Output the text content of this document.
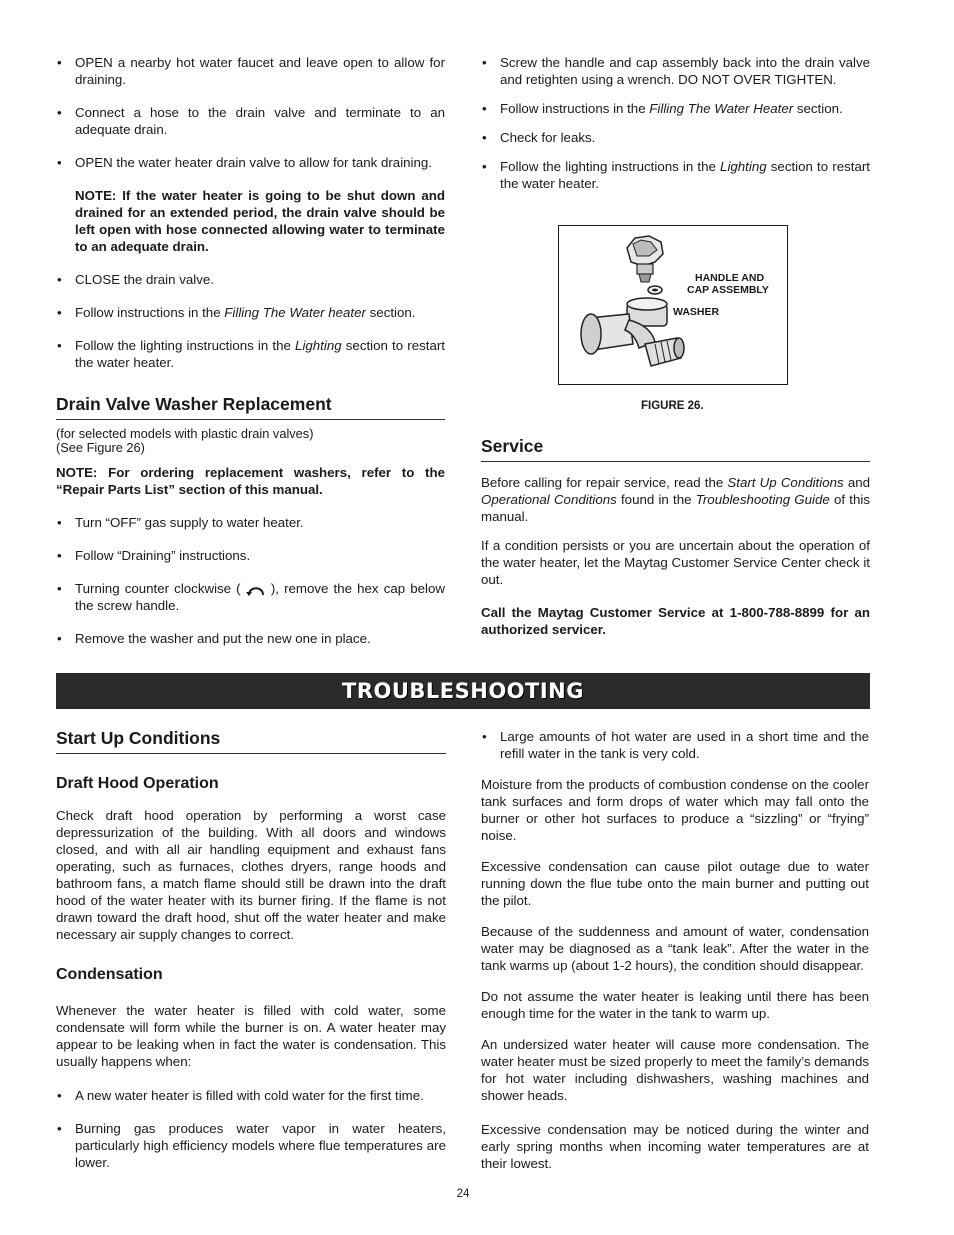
• OPEN a nearby hot water faucet and leave open to allow for draining.
• Connect a hose to the drain valve and terminate to an adequate drain.
• OPEN the water heater drain valve to allow for tank draining.
NOTE: If the water heater is going to be shut down and drained for an extended period, the drain valve should be left open with hose connected allowing water to terminate to an adequate drain.
• CLOSE the drain valve.
• Follow instructions in the Filling The Water heater section.
• Follow the lighting instructions in the Lighting section to restart the water heater.
Drain Valve Washer Replacement
(for selected models with plastic drain valves)
(See Figure 26)

NOTE: For ordering replacement washers, refer to the “Repair Parts List” section of this manual.

• Turn “OFF” gas supply to water heater.
• Follow “Draining” instructions.
• Turning counter clockwise (  ), remove the hex cap below the screw handle.
• Remove the washer and put the new one in place.
• Screw the handle and cap assembly back into the drain valve and retighten using a wrench. DO NOT OVER TIGHTEN.
• Follow instructions in the Filling The Water Heater section.
• Check for leaks.
• Follow the lighting instructions in the Lighting section to restart the water heater.
HANDLE AND
CAP ASSEMBLY
WASHER
FIGURE 26.
Service

Before calling for repair service, read the Start Up Conditions and Operational Conditions found in the Troubleshooting Guide of this manual.

If a condition persists or you are uncertain about the operation of the water heater, let the Maytag Customer Service Center check it out.

Call the Maytag Customer Service at 1-800-788-8899 for an authorized servicer.

TROUBLESHOOTING
Start Up Conditions
Draft Hood Operation

Check draft hood operation by performing a worst case depressurization of the building. With all doors and windows closed, and with all air handling equipment and exhaust fans operating, such as furnaces, clothes dryers, range hoods and bathroom fans, a match flame should still be drawn into the draft hood of the water heater with its burner firing. If the flame is not drawn toward the draft hood, shut off the water heater and make necessary air supply changes to correct.

Condensation

Whenever the water heater is filled with cold water, some condensate will form while the burner is on. A water heater may appear to be leaking when in fact the water is condensation. This usually happens when:

• A new water heater is filled with cold water for the first time.
• Burning gas produces water vapor in water heaters, particularly high efficiency models where flue temperatures are lower.
• Large amounts of hot water are used in a short time and the refill water in the tank is very cold.

Moisture from the products of combustion condense on the cooler tank surfaces and form drops of water which may fall onto the burner or other hot surfaces to produce a “sizzling” or “frying” noise.

Excessive condensation can cause pilot outage due to water running down the flue tube onto the main burner and putting out the pilot.

Because of the suddenness and amount of water, condensation water may be diagnosed as a “tank leak”. After the water in the tank warms up (about 1-2 hours), the condition should disappear.

Do not assume the water heater is leaking until there has been enough time for the water in the tank to warm up.

An undersized water heater will cause more condensation. The water heater must be sized properly to meet the family’s demands for hot water including dishwashers, washing machines and shower heads.

Excessive condensation may be noticed during the winter and early spring months when incoming water temperatures are at their lowest.

24
